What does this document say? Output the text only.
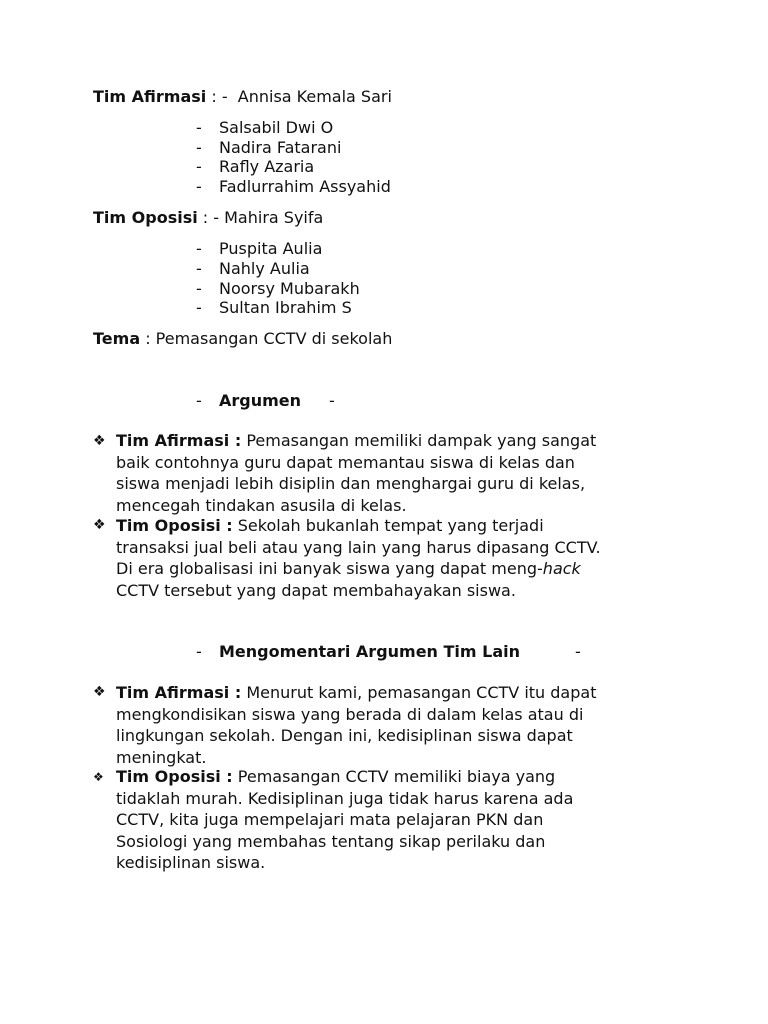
Tim Afirmasi : -  Annisa Kemala Sari
- Salsabil Dwi O
- Nadira Fatarani
- Rafly Azaria
- Fadlurrahim Assyahid
Tim Oposisi : - Mahira Syifa
- Puspita Aulia
- Nahly Aulia
- Noorsy Mubarakh
- Sultan Ibrahim S
Tema : Pemasangan CCTV di sekolah
- Argumen -
❖ Tim Afirmasi : Pemasangan memiliki dampak yang sangat
baik contohnya guru dapat memantau siswa di kelas dan
siswa menjadi lebih disiplin dan menghargai guru di kelas,
mencegah tindakan asusila di kelas.
❖ Tim Oposisi : Sekolah bukanlah tempat yang terjadi
transaksi jual beli atau yang lain yang harus dipasang CCTV.
Di era globalisasi ini banyak siswa yang dapat meng-hack
CCTV tersebut yang dapat membahayakan siswa.
- Mengomentari Argumen Tim Lain	-
❖ Tim Afirmasi : Menurut kami, pemasangan CCTV itu dapat
mengkondisikan siswa yang berada di dalam kelas atau di
lingkungan sekolah. Dengan ini, kedisiplinan siswa dapat
meningkat.
❖ Tim Oposisi : Pemasangan CCTV memiliki biaya yang
tidaklah murah. Kedisiplinan juga tidak harus karena ada
CCTV, kita juga mempelajari mata pelajaran PKN dan
Sosiologi yang membahas tentang sikap perilaku dan
kedisiplinan siswa.
